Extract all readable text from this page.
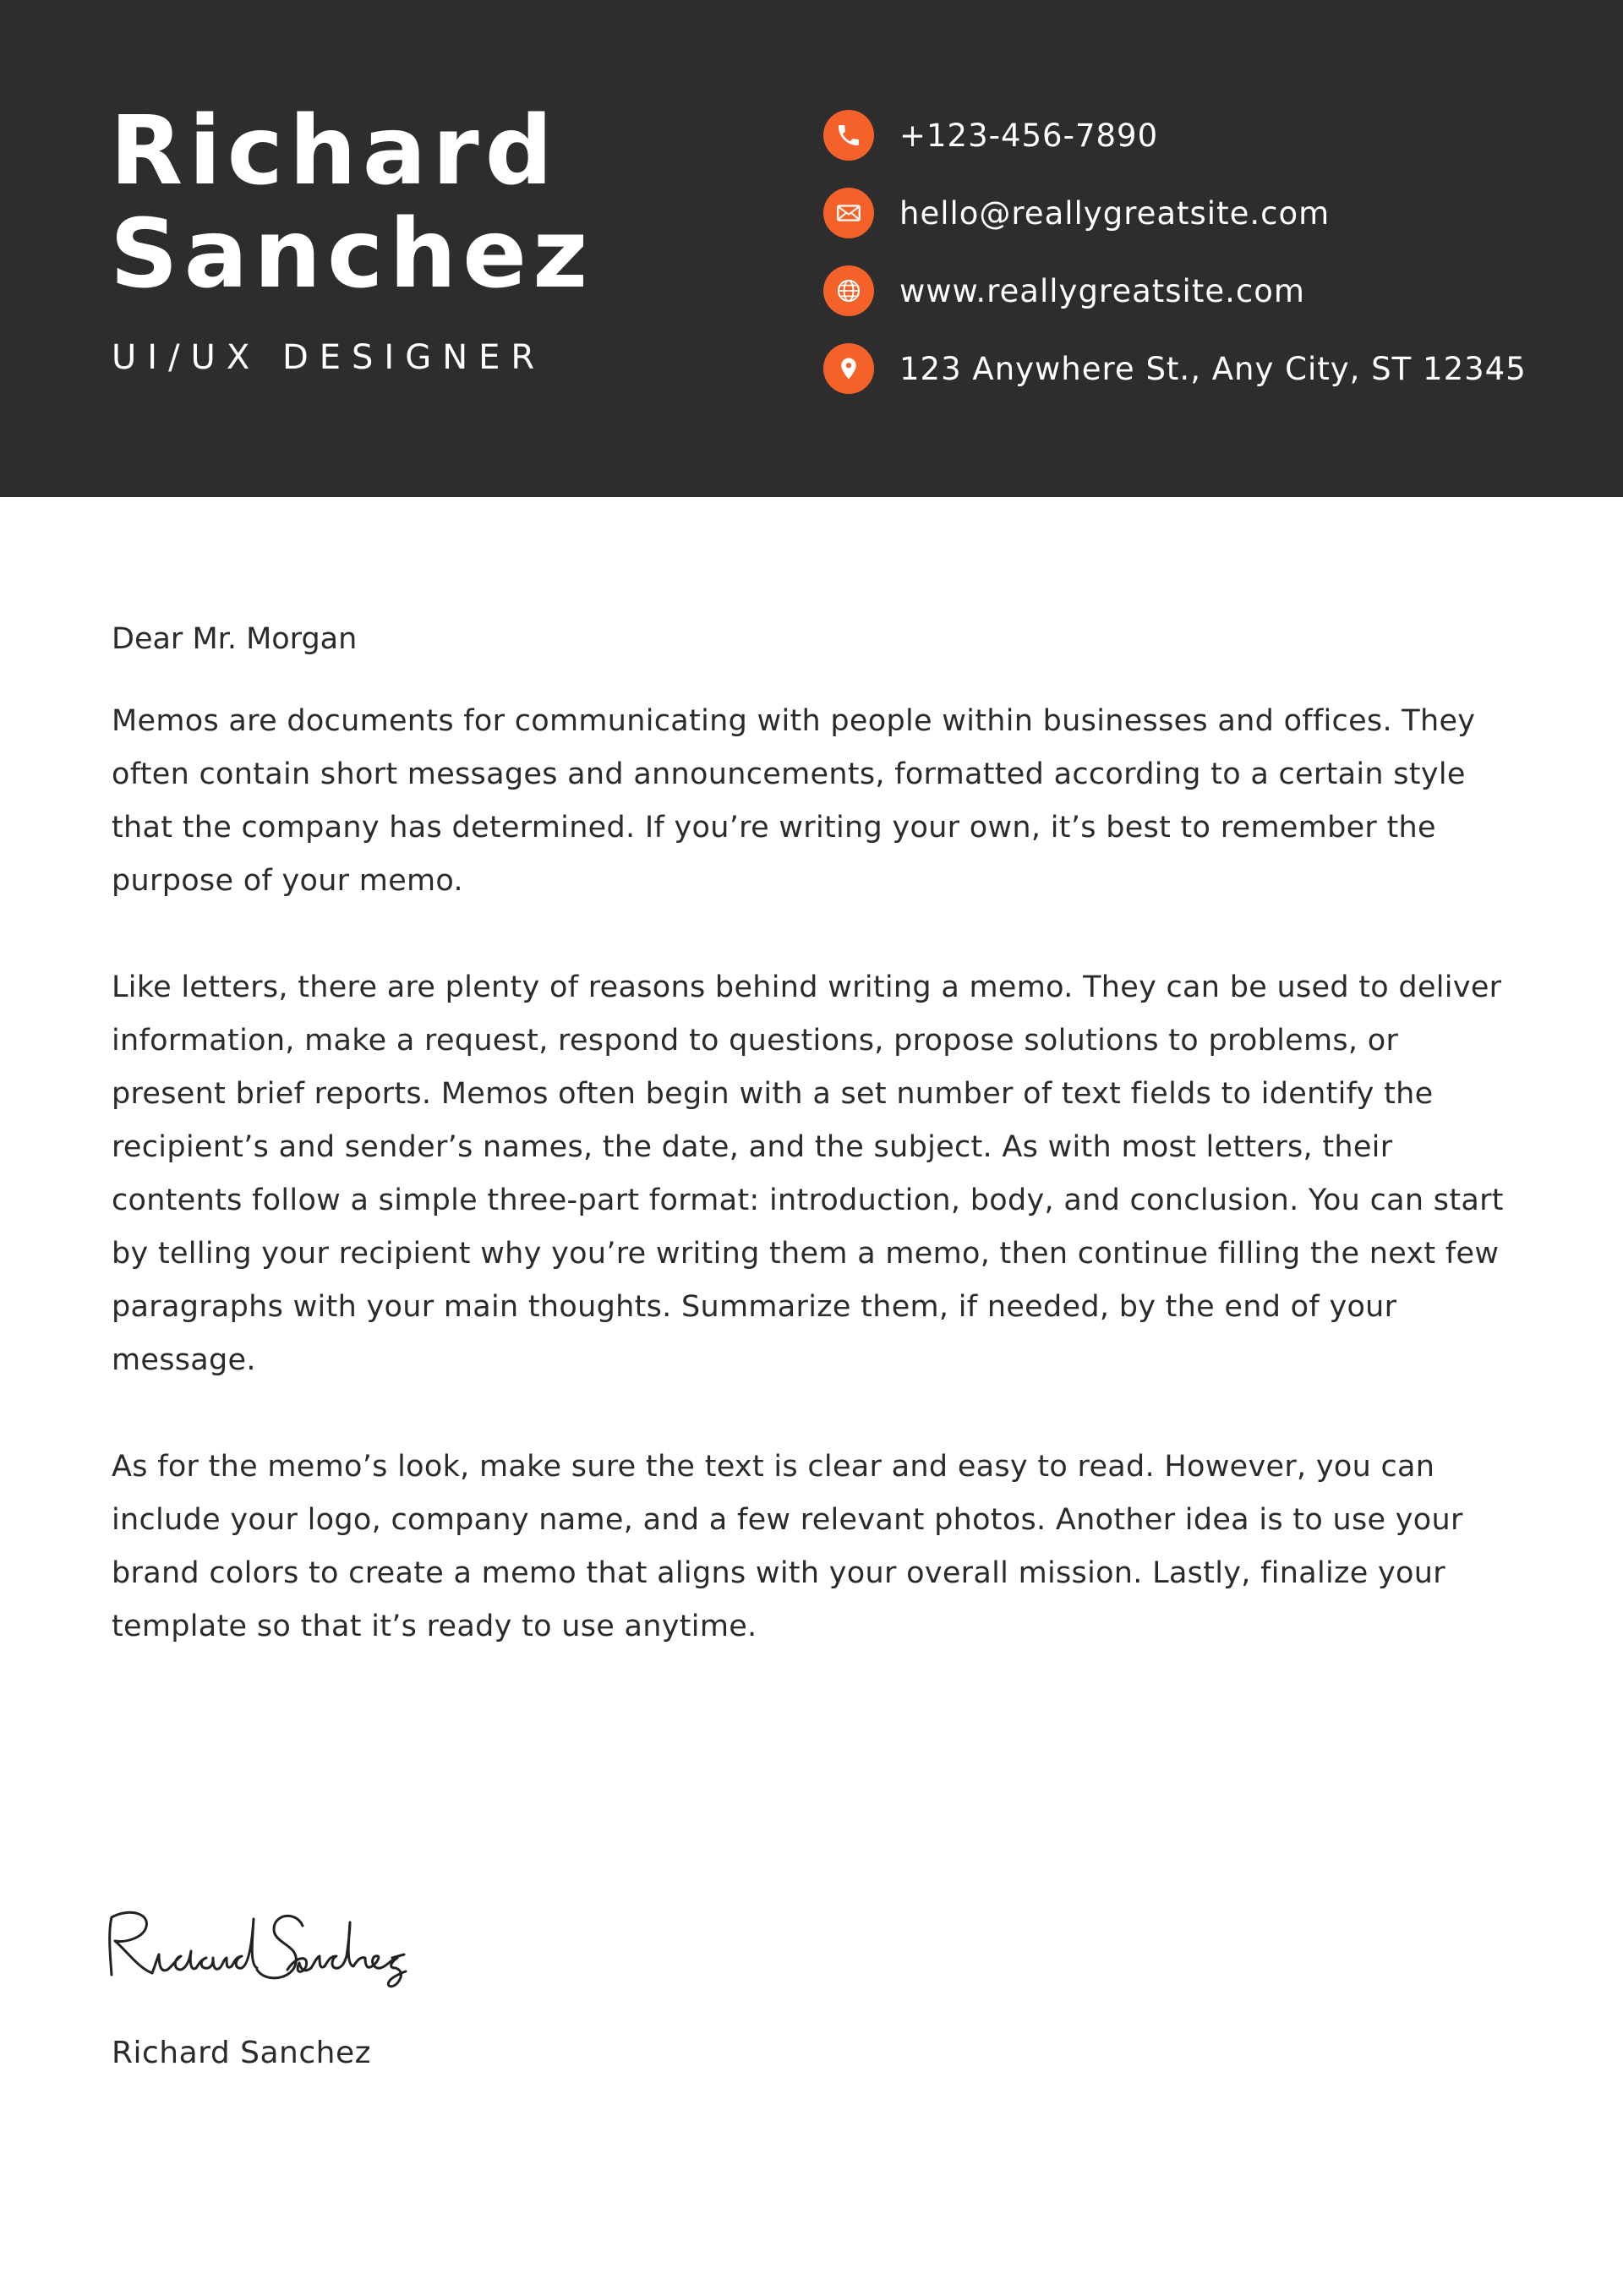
Richard
Sanchez
UI/UX DESIGNER
+123-456-7890
hello@reallygreatsite.com
www.reallygreatsite.com
123 Anywhere St., Any City, ST 12345

Dear Mr. Morgan

Memos are documents for communicating with people within businesses and offices. They often contain short messages and announcements, formatted according to a certain style that the company has determined. If you’re writing your own, it’s best to remember the purpose of your memo.

Like letters, there are plenty of reasons behind writing a memo. They can be used to deliver information, make a request, respond to questions, propose solutions to problems, or present brief reports. Memos often begin with a set number of text fields to identify the recipient’s and sender’s names, the date, and the subject. As with most letters, their contents follow a simple three-part format: introduction, body, and conclusion. You can start by telling your recipient why you’re writing them a memo, then continue filling the next few paragraphs with your main thoughts. Summarize them, if needed, by the end of your message.

As for the memo’s look, make sure the text is clear and easy to read. However, you can include your logo, company name, and a few relevant photos. Another idea is to use your brand colors to create a memo that aligns with your overall mission. Lastly, finalize your template so that it’s ready to use anytime.

Richard Sanchez
